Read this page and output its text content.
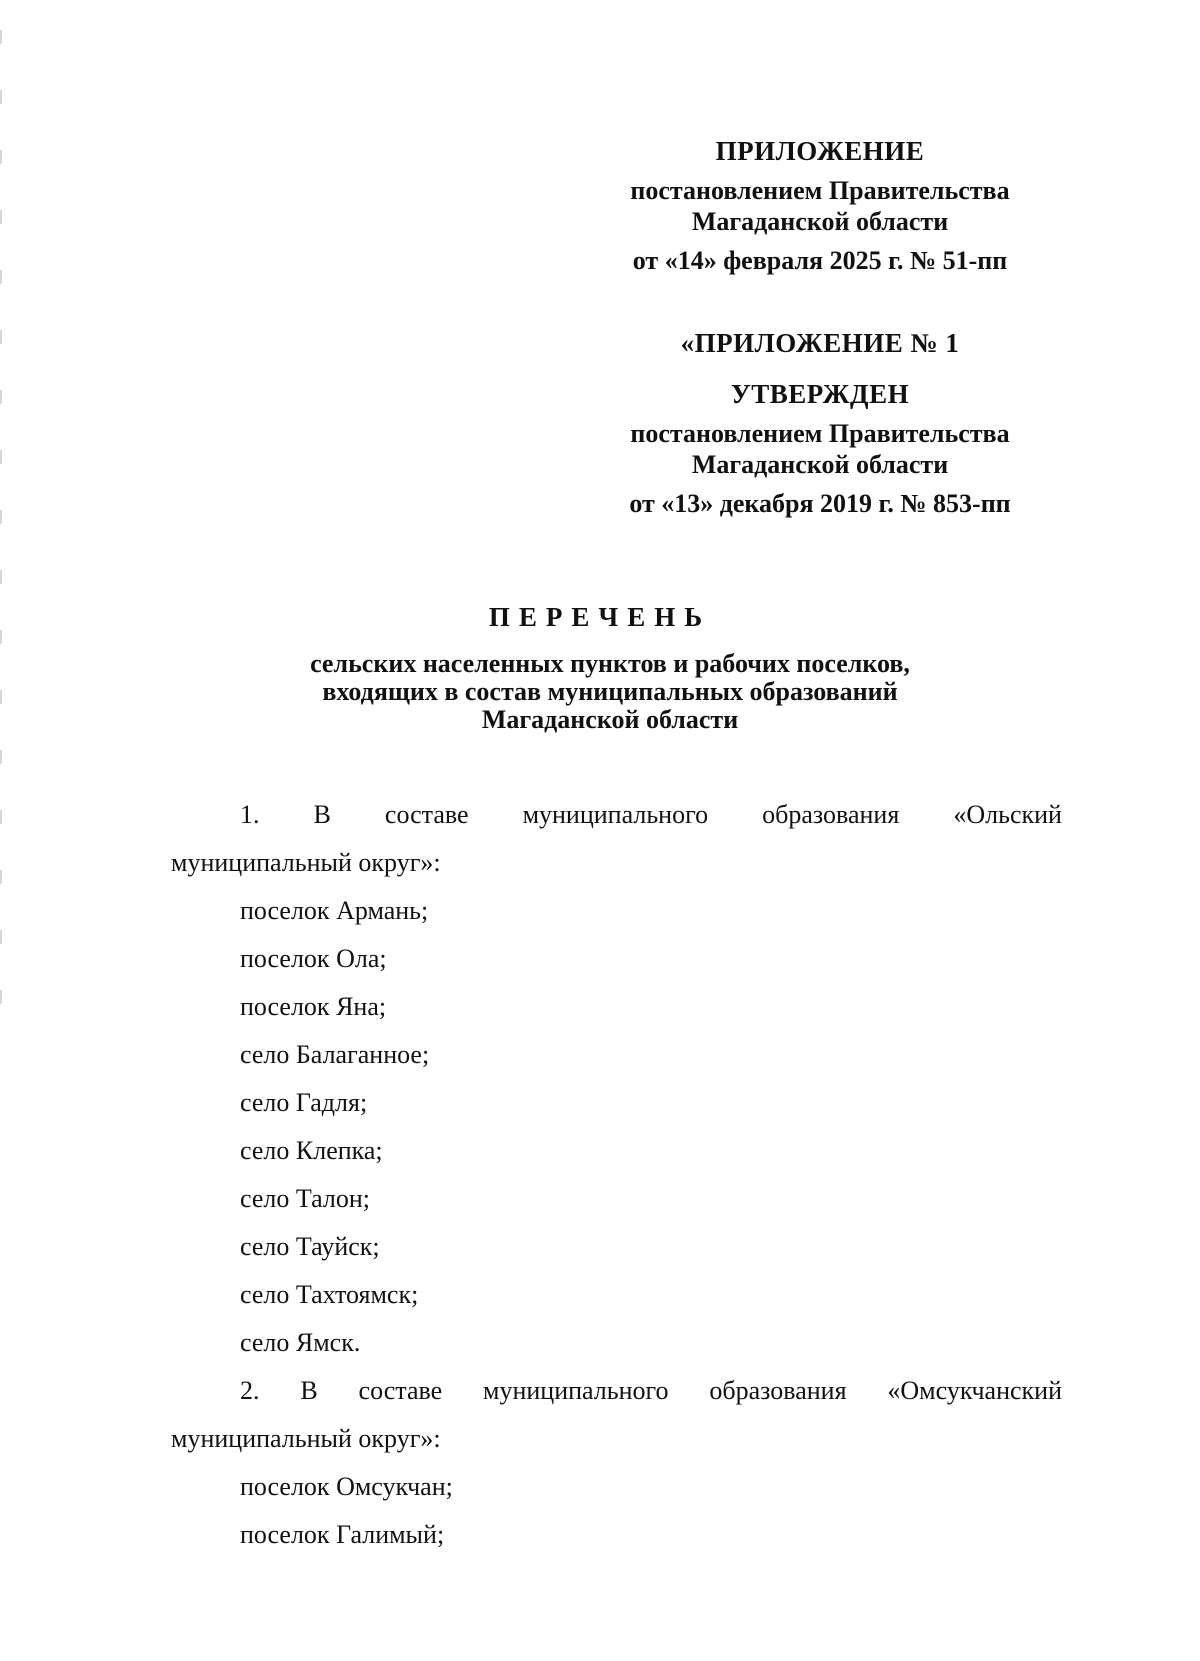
ПРИЛОЖЕНИЕ
постановлением Правительства
Магаданской области
от «14» февраля 2025 г. № 51-пп
«ПРИЛОЖЕНИЕ № 1
УТВЕРЖДЕН
постановлением Правительства
Магаданской области
от «13» декабря 2019 г. № 853-пп
ПЕРЕЧЕНЬ
сельских населенных пунктов и рабочих поселков,
входящих в состав муниципальных образований
Магаданской области
1. В составе муниципального образования «Ольский
муниципальный округ»:
поселок Армань;
поселок Ола;
поселок Яна;
село Балаганное;
село Гадля;
село Клепка;
село Талон;
село Тауйск;
село Тахтоямск;
село Ямск.
2. В составе муниципального образования «Омсукчанский
муниципальный округ»:
поселок Омсукчан;
поселок Галимый;
